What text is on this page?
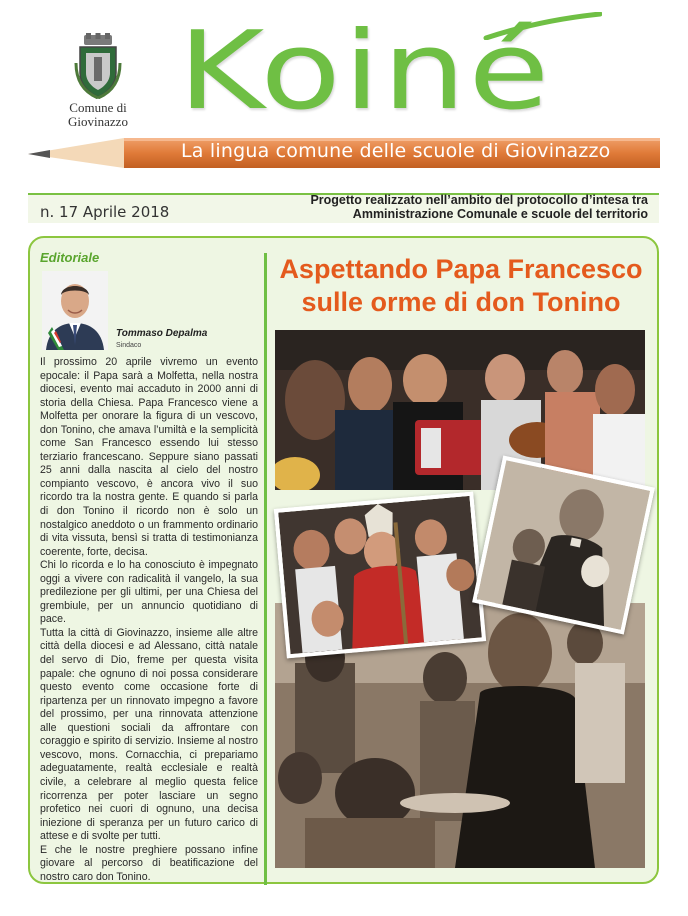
Comune di
Giovinazzo Koiné
La lingua comune delle scuole di Giovinazzo
n. 17 Aprile 2018
Progetto realizzato nell’ambito del protocollo d’intesa tra
Amministrazione Comunale e scuole del territorio
Editoriale
Tommaso Depalma
Sindaco

Il prossimo 20 aprile vivremo un evento epocale: il Papa sarà a Molfetta, nella nostra diocesi, evento mai accaduto in 2000 anni di storia della Chiesa. Papa Francesco viene a Molfetta per onorare la figura di un vescovo, don Tonino, che amava l’umiltà e la semplicità come San Francesco essendo lui stesso terziario francescano. Seppure siano passati 25 anni dalla nascita al cielo del nostro compianto vescovo, è ancora vivo il suo ricordo tra la nostra gente. E quando si parla di don Tonino il ricordo non è solo un nostalgico aneddoto o un frammento ordinario di vita vissuta, bensì si tratta di testimonianza coerente, forte, decisa.

Chi lo ricorda e lo ha conosciuto è impegnato oggi a vivere con radicalità il vangelo, la sua predilezione per gli ultimi, per una Chiesa del grembiule, per un annuncio quotidiano di pace.

Tutta la città di Giovinazzo, insieme alle altre città della diocesi e ad Alessano, città natale del servo di Dio, freme per questa visita papale: che ognuno di noi possa considerare questo evento come occasione forte di ripartenza per un rinnovato impegno a favore del prossimo, per una rinnovata attenzione alle questioni sociali da affrontare con coraggio e spirito di servizio. Insieme al nostro vescovo, mons. Cornacchia, ci prepariamo adeguatamente, realtà ecclesiale e realtà civile, a celebrare al meglio questa felice ricorrenza per poter lasciare un segno profetico nei cuori di ognuno, una decisa iniezione di speranza per un futuro carico di attese e di svolte per tutti.

E che le nostre preghiere possano infine giovare al percorso di beatificazione del nostro caro don Tonino.

Aspettando Papa Francesco sulle orme di don Tonino
